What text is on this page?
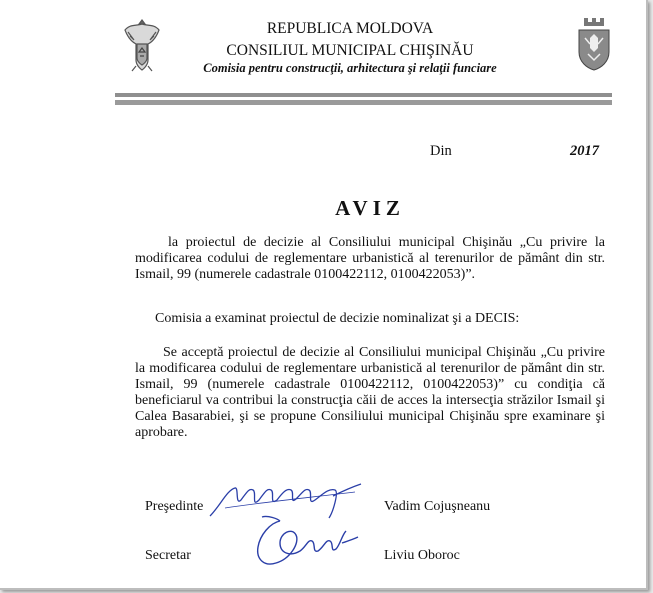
REPUBLICA MOLDOVA
CONSILIUL MUNICIPAL CHIŞINĂU
Comisia pentru construcţii, arhitectura şi relaţii funciare
Din	2017
AVIZ
la proiectul de decizie al Consiliului municipal Chişinău „Cu privire la
modificarea codului de reglementare urbanistică al terenurilor de pământ din str.
Ismail, 99 (numerele cadastrale 0100422112, 0100422053)”.
Comisia a examinat proiectul de decizie nominalizat şi a DECIS:
Se acceptă proiectul de decizie al Consiliului municipal Chişinău „Cu privire
la modificarea codului de reglementare urbanistică al terenurilor de pământ din str.
Ismail, 99 (numerele cadastrale 0100422112, 0100422053)” cu condiţia că
beneficiarul va contribui la construcţia căii de acces la intersecţia străzilor Ismail şi
Calea Basarabiei, şi se propune Consiliului municipal Chişinău spre examinare şi
aprobare.
Preşedinte	Vadim Cojuşneanu
Secretar	Liviu Oboroc
